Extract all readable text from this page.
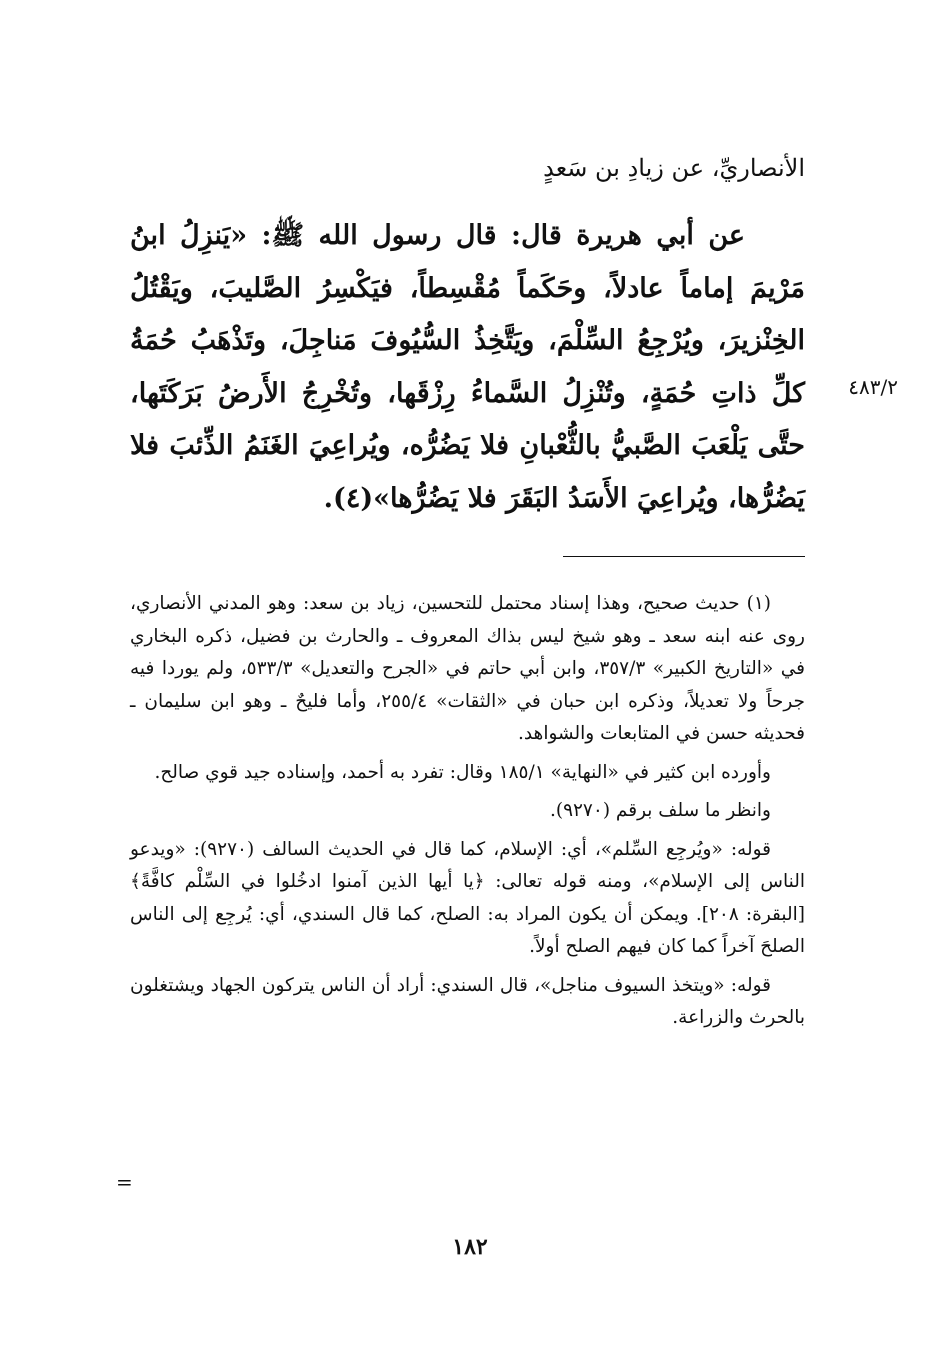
الأنصاريِّ، عن زيادِ بن سَعدٍ

عن أبي هريرة قال: قال رسول الله ﷺ: «يَنزِلُ ابنُ مَرْيمَ إماماً عادلاً، وحَكَماً مُقْسِطاً، فيَكْسِرُ الصَّليبَ، ويَقْتُلُ الخِنْزيرَ، ويُرْجِعُ السِّلْمَ، ويَتَّخِذُ السُّيُوفَ مَناجِلَ، وتَذْهَبُ حُمَةُ كلِّ ذاتِ حُمَةٍ، وتُنْزِلُ السَّماءُ رِزْقَها، وتُخْرِجُ الأَرضُ بَرَكَتَها، حتَّى يَلْعَبَ الصَّبيُّ بالثُّعْبانِ فلا يَضُرُّه، ويُراعِيَ الغَنَمُ الذِّئبَ فلا يَضُرُّها، ويُراعِيَ الأَسَدُ البَقَرَ فلا يَضُرُّها»(٤).

٤٨٣/٢

(١) حديث صحيح، وهذا إسناد محتمل للتحسين، زياد بن سعد: وهو المدني الأنصاري، روى عنه ابنه سعد ـ وهو شيخ ليس بذاك المعروف ـ والحارث بن فضيل، ذكره البخاري في «التاريخ الكبير» ٣٥٧/٣، وابن أبي حاتم في «الجرح والتعديل» ٥٣٣/٣، ولم يوردا فيه جرحاً ولا تعديلاً، وذكره ابن حبان في «الثقات» ٢٥٥/٤، وأما فليحٌ ـ وهو ابن سليمان ـ فحديثه حسن في المتابعات والشواهد.

وأورده ابن كثير في «النهاية» ١٨٥/١ وقال: تفرد به أحمد، وإسناده جيد قوي صالح.

وانظر ما سلف برقم (٩٢٧٠).

قوله: «ويُرجِع السِّلم»، أي: الإسلام، كما قال في الحديث السالف (٩٢٧٠): «ويدعو الناس إلى الإسلام»، ومنه قوله تعالى: ﴿يا أيها الذين آمنوا ادخُلوا في السِّلْم كافَّةً﴾ [البقرة: ٢٠٨]. ويمكن أن يكون المراد به: الصلح، كما قال السندي، أي: يُرجِع إلى الناس الصلحَ آخراً كما كان فيهم الصلح أولاً.

قوله: «ويتخذ السيوف مناجل»، قال السندي: أراد أن الناس يتركون الجهاد ويشتغلون بالحرث والزراعة.

=
١٨٢
